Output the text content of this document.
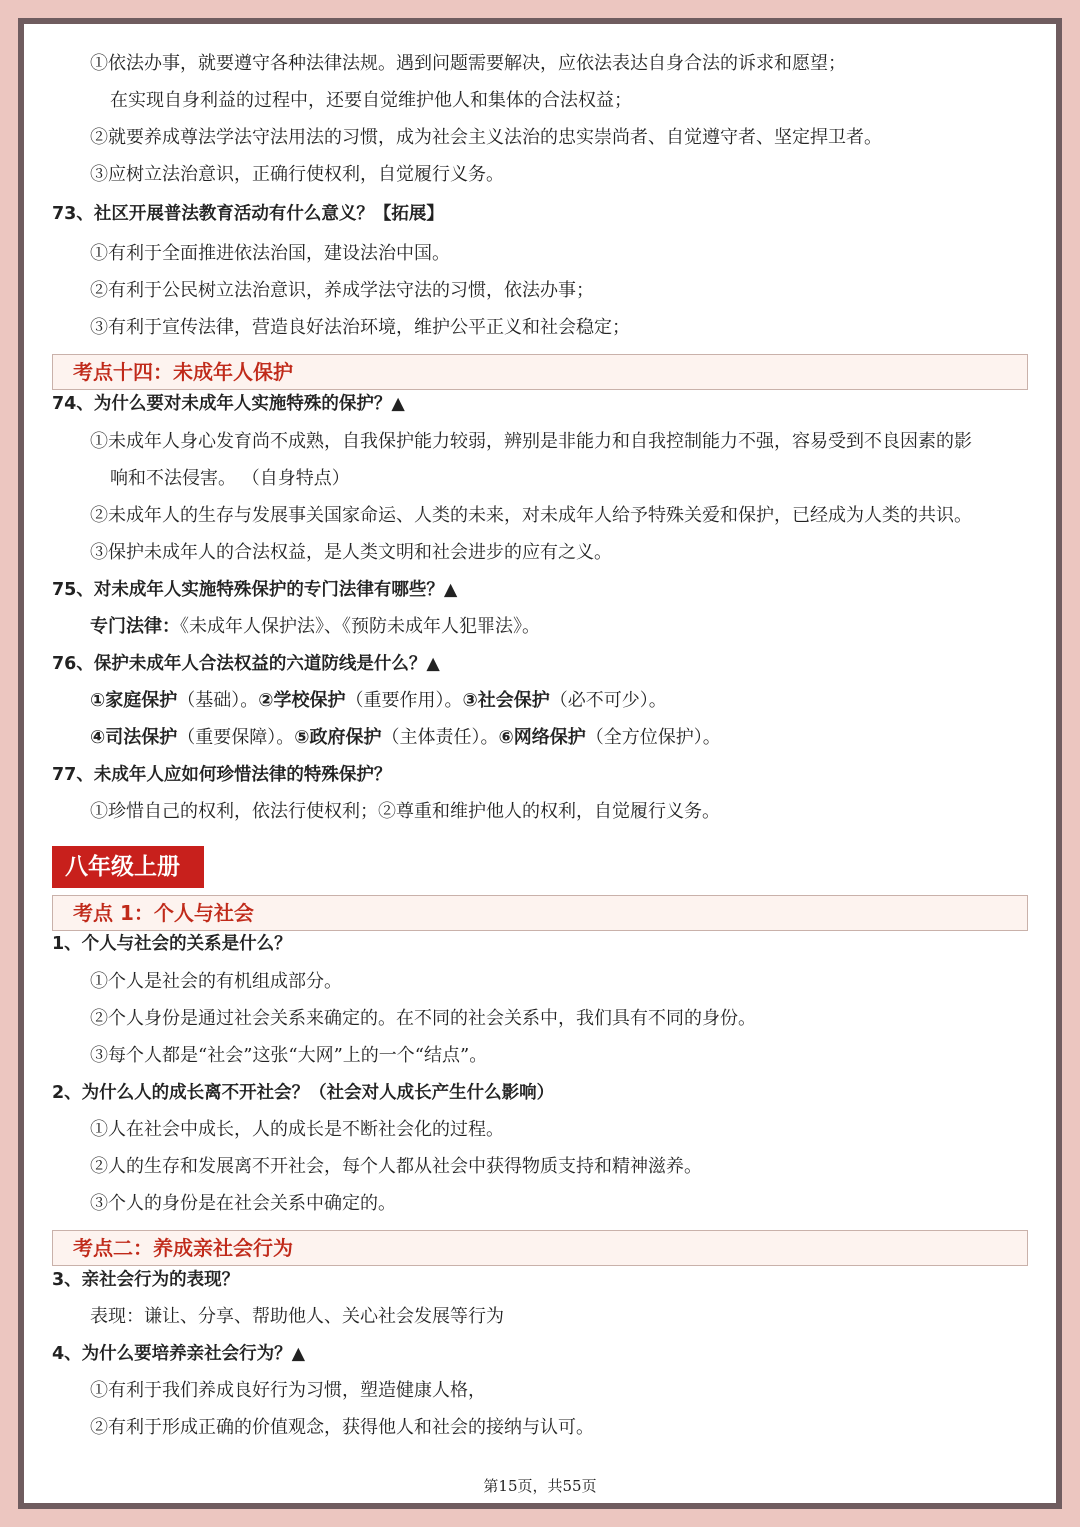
①依法办事，就要遵守各种法律法规。遇到问题需要解决，应依法表达自身合法的诉求和愿望；
在实现自身利益的过程中，还要自觉维护他人和集体的合法权益；
②就要养成尊法学法守法用法的习惯，成为社会主义法治的忠实崇尚者、自觉遵守者、坚定捍卫者。
③应树立法治意识，正确行使权利，自觉履行义务。
73、社区开展普法教育活动有什么意义？【拓展】
①有利于全面推进依法治国，建设法治中国。
②有利于公民树立法治意识，养成学法守法的习惯，依法办事；
③有利于宣传法律，营造良好法治环境，维护公平正义和社会稳定；
考点十四：未成年人保护
74、为什么要对未成年人实施特殊的保护？▲
①未成年人身心发育尚不成熟，自我保护能力较弱，辨别是非能力和自我控制能力不强，容易受到不良因素的影
响和不法侵害。 （自身特点）
②未成年人的生存与发展事关国家命运、人类的未来，对未成年人给予特殊关爱和保护，已经成为人类的共识。
③保护未成年人的合法权益，是人类文明和社会进步的应有之义。
75、对未成年人实施特殊保护的专门法律有哪些？▲
专门法律：《未成年人保护法》、《预防未成年人犯罪法》。
76、保护未成年人合法权益的六道防线是什么？▲
①家庭保护（基础）。②学校保护（重要作用）。③社会保护（必不可少）。
④司法保护（重要保障）。⑤政府保护（主体责任）。⑥网络保护（全方位保护）。
77、未成年人应如何珍惜法律的特殊保护？
①珍惜自己的权利，依法行使权利；②尊重和维护他人的权利，自觉履行义务。
八年级上册
考点 1：个人与社会
1、个人与社会的关系是什么？
①个人是社会的有机组成部分。
②个人身份是通过社会关系来确定的。在不同的社会关系中，我们具有不同的身份。
③每个人都是“社会”这张“大网”上的一个“结点”。
2、为什么人的成长离不开社会？（社会对人成长产生什么影响）
①人在社会中成长，人的成长是不断社会化的过程。
②人的生存和发展离不开社会，每个人都从社会中获得物质支持和精神滋养。
③个人的身份是在社会关系中确定的。
考点二：养成亲社会行为
3、亲社会行为的表现？
表现：谦让、分享、帮助他人、关心社会发展等行为
4、为什么要培养亲社会行为？▲
①有利于我们养成良好行为习惯，塑造健康人格，
②有利于形成正确的价值观念，获得他人和社会的接纳与认可。
第15页，共55页
